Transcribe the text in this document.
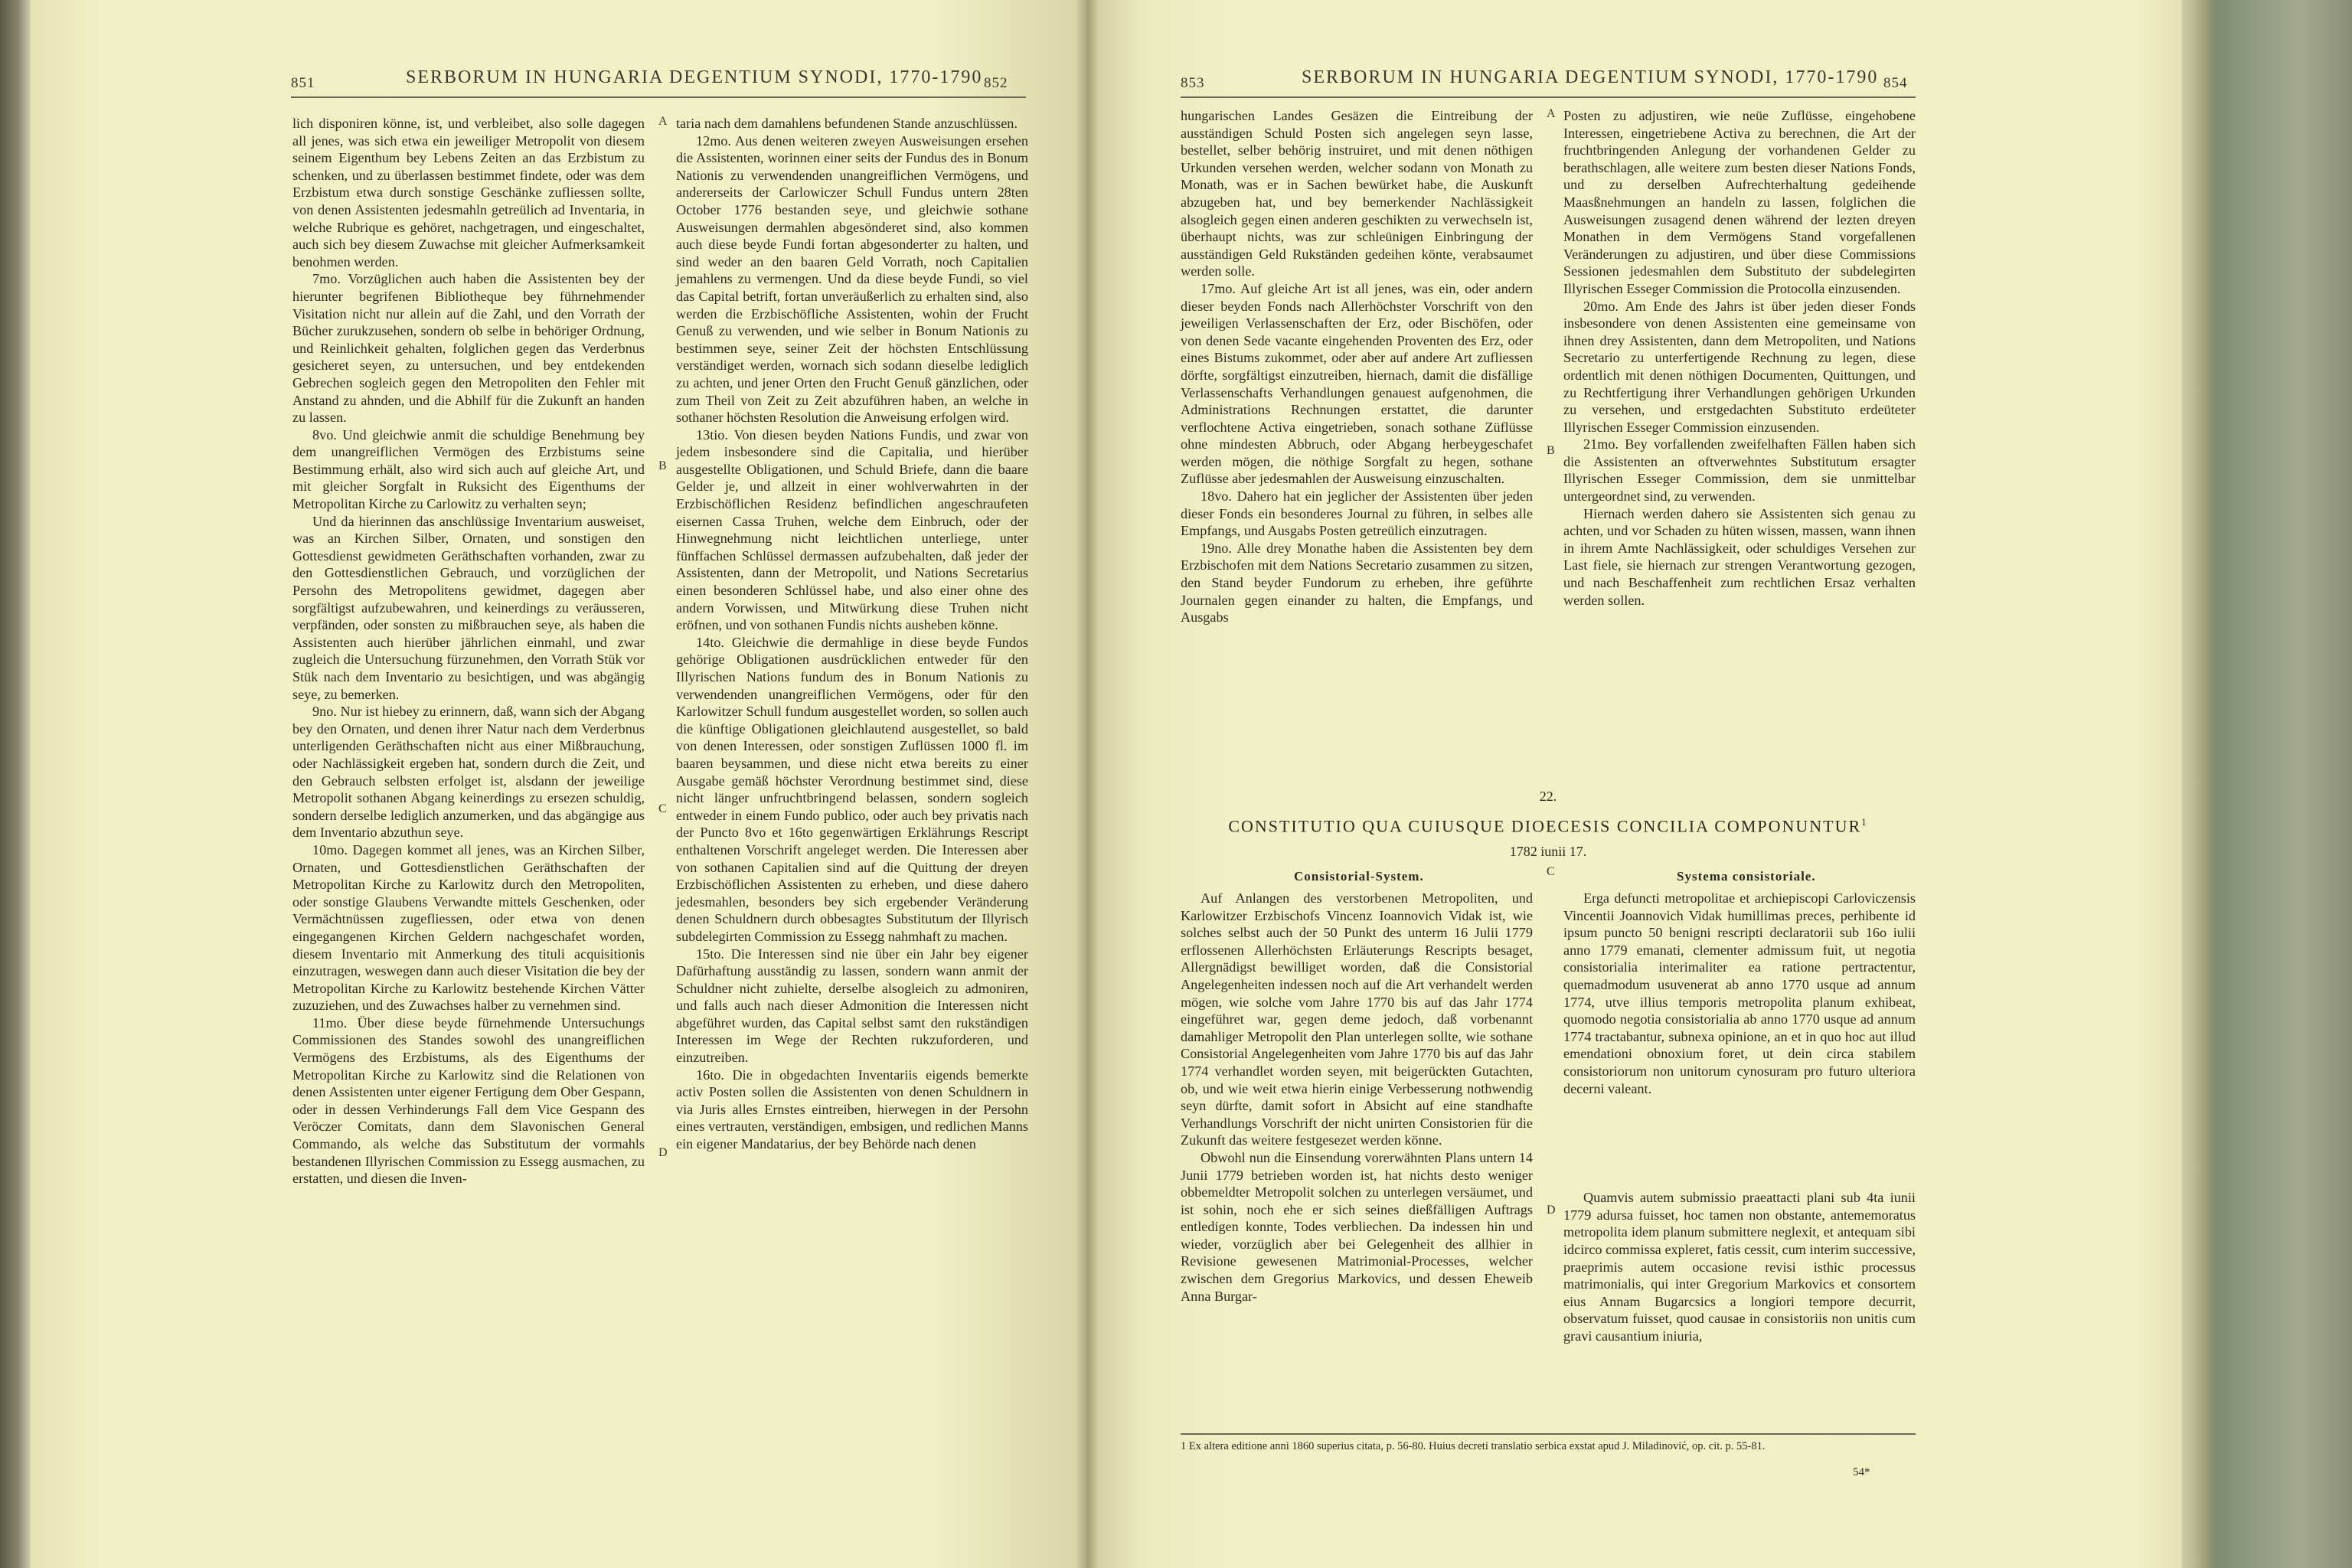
851	SERBORUM IN HUNGARIA DEGENTIUM SYNODI, 1770-1790 852

lich disponiren könne, ist, und verbleibet, also solle dagegen all jenes, was sich etwa ein jeweiliger Metropolit von diesem seinem Eigenthum bey Lebens Zeiten an das Erzbistum zu schenken, und zu überlassen bestimmet findete, oder was dem Erzbistum etwa durch sonstige Geschänke zufliessen sollte, von denen Assistenten jedesmahln getreülich ad Inventaria, in welche Rubrique es gehöret, nachgetragen, und eingeschaltet, auch sich bey diesem Zuwachse mit gleicher Aufmerksamkeit benohmen werden.

7mo. Vorzüglichen auch haben die Assistenten bey der hierunter begrifenen Bibliotheque bey führnehmender Visitation nicht nur allein auf die Zahl, und den Vorrath der Bücher zurukzusehen, sondern ob selbe in behöriger Ordnung, und Reinlichkeit gehalten, folglichen gegen das Verderbnus gesicheret seyen, zu untersuchen, und bey entdekenden Gebrechen sogleich gegen den Metropoliten den Fehler mit Anstand zu ahnden, und die Abhilf für die Zukunft an handen zu lassen.

8vo. Und gleichwie anmit die schuldige Benehmung bey dem unangreiflichen Vermögen des Erzbistums seine Bestimmung erhält, also wird sich auch auf gleiche Art, und mit gleicher Sorgfalt in Ruksicht des Eigenthums der Metropolitan Kirche zu Carlowitz zu verhalten seyn;

Und da hierinnen das anschlüssige Inventarium ausweiset, was an Kirchen Silber, Ornaten, und sonstigen den Gottesdienst gewidmeten Geräthschaften vorhanden, zwar zu den Gottesdienstlichen Gebrauch, und vorzüglichen der Persohn des Metropolitens gewidmet, dagegen aber sorgfältigst aufzubewahren, und keinerdings zu veräusseren, verpfänden, oder sonsten zu mißbrauchen seye, als haben die Assistenten auch hierüber jährlichen einmahl, und zwar zugleich die Untersuchung fürzunehmen, den Vorrath Stük vor Stük nach dem Inventario zu besichtigen, und was abgängig seye, zu bemerken.

9no. Nur ist hiebey zu erinnern, daß, wann sich der Abgang bey den Ornaten, und denen ihrer Natur nach dem Verderbnus unterligenden Geräthschaften nicht aus einer Mißbrauchung, oder Nachlässigkeit ergeben hat, sondern durch die Zeit, und den Gebrauch selbsten erfolget ist, alsdann der jeweilige Metropolit sothanen Abgang keinerdings zu ersezen schuldig, sondern derselbe lediglich anzumerken, und das abgängige aus dem Inventario abzuthun seye.

10mo. Dagegen kommet all jenes, was an Kirchen Silber, Ornaten, und Gottesdienstlichen Geräthschaften der Metropolitan Kirche zu Karlowitz durch den Metropoliten, oder sonstige Glaubens Verwandte mittels Geschenken, oder Vermächtnüssen zugefliessen, oder etwa von denen eingegangenen Kirchen Geldern nachgeschafet worden, diesem Inventario mit Anmerkung des tituli acquisitionis einzutragen, weswegen dann auch dieser Visitation die bey der Metropolitan Kirche zu Karlowitz bestehende Kirchen Vätter zuzuziehen, und des Zuwachses halber zu vernehmen sind.

11mo. Über diese beyde fürnehmende Untersuchungs Commissionen des Standes sowohl des unangreiflichen Vermögens des Erzbistums, als des Eigenthums der Metropolitan Kirche zu Karlowitz sind die Relationen von denen Assistenten unter eigener Fertigung dem Ober Gespann, oder in dessen Verhinderungs Fall dem Vice Gespann des Veröczer Comitats, dann dem Slavonischen General Commando, als welche das Substitutum der vormahls bestandenen Illyrischen Commission zu Essegg ausmachen, zu erstatten, und diesen die Inven-

taria nach dem damahlens befundenen Stande anzuschlüssen.

12mo. Aus denen weiteren zweyen Ausweisungen ersehen die Assistenten, worinnen einer seits der Fundus des in Bonum Nationis zu verwendenden unangreiflichen Vermögens, und andererseits der Carlowiczer Schull Fundus untern 28ten October 1776 bestanden seye, und gleichwie sothane Ausweisungen dermahlen abgesönderet sind, also kommen auch diese beyde Fundi fortan abgesonderter zu halten, und sind weder an den baaren Geld Vorrath, noch Capitalien jemahlens zu vermengen. Und da diese beyde Fundi, so viel das Capital betrift, fortan unveräußerlich zu erhalten sind, also werden die Erzbischöfliche Assistenten, wohin der Frucht Genuß zu verwenden, und wie selber in Bonum Nationis zu bestimmen seye, seiner Zeit der höchsten Entschlüssung verständiget werden, wornach sich sodann dieselbe lediglich zu achten, und jener Orten den Frucht Genuß gänzlichen, oder zum Theil von Zeit zu Zeit abzuführen haben, an welche in sothaner höchsten Resolution die Anweisung erfolgen wird.

13tio. Von diesen beyden Nations Fundis, und zwar von jedem insbesondere sind die Capitalia, und hierüber ausgestellte Obligationen, und Schuld Briefe, dann die baare Gelder je, und allzeit in einer wohlverwahrten in der Erzbischöflichen Residenz befindlichen angeschraufeten eisernen Cassa Truhen, welche dem Einbruch, oder der Hinwegnehmung nicht leichtlichen unterliege, unter fünffachen Schlüssel dermassen aufzubehalten, daß jeder der Assistenten, dann der Metropolit, und Nations Secretarius einen besonderen Schlüssel habe, und also einer ohne des andern Vorwissen, und Mitwürkung diese Truhen nicht eröfnen, und von sothanen Fundis nichts ausheben könne.

14to. Gleichwie die dermahlige in diese beyde Fundos gehörige Obligationen ausdrücklichen entweder für den Illyrischen Nations fundum des in Bonum Nationis zu verwendenden unangreiflichen Vermögens, oder für den Karlowitzer Schull fundum ausgestellet worden, so sollen auch die künftige Obligationen gleichlautend ausgestellet, so bald von denen Interessen, oder sonstigen Zuflüssen 1000 fl. im baaren beysammen, und diese nicht etwa bereits zu einer Ausgabe gemäß höchster Verordnung bestimmet sind, diese nicht länger unfruchtbringend belassen, sondern sogleich entweder in einem Fundo publico, oder auch bey privatis nach der Puncto 8vo et 16to gegenwärtigen Erklährungs Rescript enthaltenen Vorschrift angeleget werden. Die Interessen aber von sothanen Capitalien sind auf die Quittung der dreyen Erzbischöflichen Assistenten zu erheben, und diese dahero jedesmahlen, besonders bey sich ergebender Veränderung denen Schuldnern durch obbesagtes Substitutum der Illyrisch subdelegirten Commission zu Essegg nahmhaft zu machen.

15to. Die Interessen sind nie über ein Jahr bey eigener Dafürhaftung ausständig zu lassen, sondern wann anmit der Schuldner nicht zuhielte, derselbe alsogleich zu admoniren, und falls auch nach dieser Admonition die Interessen nicht abgeführet wurden, das Capital selbst samt den rukständigen Interessen im Wege der Rechten rukzuforderen, und einzutreiben.

16to. Die in obgedachten Inventariis eigends bemerkte activ Posten sollen die Assistenten von denen Schuldnern in via Juris alles Ernstes eintreiben, hierwegen in der Persohn eines vertrauten, verständigen, embsigen, und redlichen Manns ein eigener Mandatarius, der bey Behörde nach denen

A
B
C
D
853	SERBORUM IN HUNGARIA DEGENTIUM SYNODI, 1770-1790 854

hungarischen Landes Gesäzen die Eintreibung der ausständigen Schuld Posten sich angelegen seyn lasse, bestellet, selber behörig instruiret, und mit denen nöthigen Urkunden versehen werden, welcher sodann von Monath zu Monath, was er in Sachen bewürket habe, die Auskunft abzugeben hat, und bey bemerkender Nachlässigkeit alsogleich gegen einen anderen geschikten zu verwechseln ist, überhaupt nichts, was zur schleünigen Einbringung der ausständigen Geld Rukständen gedeihen könte, verabsaumet werden solle.

17mo. Auf gleiche Art ist all jenes, was ein, oder andern dieser beyden Fonds nach Allerhöchster Vorschrift von den jeweiligen Verlassenschaften der Erz, oder Bischöfen, oder von denen Sede vacante eingehenden Proventen des Erz, oder eines Bistums zukommet, oder aber auf andere Art zufliessen dörfte, sorgfältigst einzutreiben, hiernach, damit die disfällige Verlassenschafts Verhandlungen genauest aufgenohmen, die Administrations Rechnungen erstattet, die darunter verflochtene Activa eingetrieben, sonach sothane Züflüsse ohne mindesten Abbruch, oder Abgang herbeygeschafet werden mögen, die nöthige Sorgfalt zu hegen, sothane Zuflüsse aber jedesmahlen der Ausweisung einzuschalten.

18vo. Dahero hat ein jeglicher der Assistenten über jeden dieser Fonds ein besonderes Journal zu führen, in selbes alle Empfangs, und Ausgabs Posten getreülich einzutragen.

19no. Alle drey Monathe haben die Assistenten bey dem Erzbischofen mit dem Nations Secretario zusammen zu sitzen, den Stand beyder Fundorum zu erheben, ihre geführte Journalen gegen einander zu halten, die Empfangs, und Ausgabs

Posten zu adjustiren, wie neüe Zuflüsse, eingehobene Interessen, eingetriebene Activa zu berechnen, die Art der fruchtbringenden Anlegung der vorhandenen Gelder zu berathschlagen, alle weitere zum besten dieser Nations Fonds, und zu derselben Aufrechterhaltung gedeihende Maasßnehmungen an handeln zu lassen, folglichen die Ausweisungen zusagend denen während der lezten dreyen Monathen in dem Vermögens Stand vorgefallenen Veränderungen zu adjustiren, und über diese Commissions Sessionen jedesmahlen dem Substituto der subdelegirten Illyrischen Esseger Commission die Protocolla einzusenden.

20mo. Am Ende des Jahrs ist über jeden dieser Fonds insbesondere von denen Assistenten eine gemeinsame von ihnen drey Assistenten, dann dem Metropoliten, und Nations Secretario zu unterfertigende Rechnung zu legen, diese ordentlich mit denen nöthigen Documenten, Quittungen, und zu Rechtfertigung ihrer Verhandlungen gehörigen Urkunden zu versehen, und erstgedachten Substituto erdeüteter Illyrischen Esseger Commission einzusenden.

21mo. Bey vorfallenden zweifelhaften Fällen haben sich die Assistenten an oftverwehntes Substitutum ersagter Illyrischen Esseger Commission, dem sie unmittelbar untergeordnet sind, zu verwenden.

Hiernach werden dahero sie Assistenten sich genau zu achten, und vor Schaden zu hüten wissen, massen, wann ihnen in ihrem Amte Nachlässigkeit, oder schuldiges Versehen zur Last fiele, sie hiernach zur strengen Verantwortung gezogen, und nach Beschaffenheit zum rechtlichen Ersaz verhalten werden sollen.

A
B
C
D
22.
CONSTITUTIO QUA CUIUSQUE DIOECESIS CONCILIA COMPONUNTUR$^1$
1782 iunii 17.
Consistorial-System.	Systema consistoriale.

Auf Anlangen des verstorbenen Metropoliten, und Karlowitzer Erzbischofs Vincenz Ioannovich Vidak ist, wie solches selbst auch der 50 Punkt des unterm 16 Julii 1779 erflossenen Allerhöchsten Erläuterungs Rescripts besaget, Allergnädigst bewilliget worden, daß die Consistorial Angelegenheiten indessen noch auf die Art verhandelt werden mögen, wie solche vom Jahre 1770 bis auf das Jahr 1774 eingeführet war, gegen deme jedoch, daß vorbenannt damahliger Metropolit den Plan unterlegen sollte, wie sothane Consistorial Angelegenheiten vom Jahre 1770 bis auf das Jahr 1774 verhandlet worden seyen, mit beigerückten Gutachten, ob, und wie weit etwa hierin einige Verbesserung nothwendig seyn dürfte, damit sofort in Absicht auf eine standhafte Verhandlungs Vorschrift der nicht unirten Consistorien für die Zukunft das weitere festgesezet werden könne.

Obwohl nun die Einsendung vorerwähnten Plans untern 14 Junii 1779 betrieben worden ist, hat nichts desto weniger obbemeldter Metropolit solchen zu unterlegen versäumet, und ist sohin, noch ehe er sich seines dießfälligen Auftrags entledigen konnte, Todes verbliechen. Da indessen hin und wieder, vorzüglich aber bei Gelegenheit des allhier in Revisione gewesenen Matrimonial-Processes, welcher zwischen dem Gregorius Markovics, und dessen Eheweib Anna Burgar-

Erga defuncti metropolitae et archiepiscopi Carloviczensis Vincentii Joannovich Vidak humillimas preces, perhibente id ipsum puncto 50 benigni rescripti declaratorii sub 16o iulii anno 1779 emanati, clementer admissum fuit, ut negotia consistorialia interimaliter ea ratione pertractentur, quemadmodum usuvenerat ab anno 1770 usque ad annum 1774, utve illius temporis metropolita planum exhibeat, quomodo negotia consistorialia ab anno 1770 usque ad annum 1774 tractabantur, subnexa opinione, an et in quo hoc aut illud emendationi obnoxium foret, ut dein circa stabilem consistoriorum non unitorum cynosuram pro futuro ulteriora decerni valeant.

Quamvis autem submissio praeattacti plani sub 4ta iunii 1779 adursa fuisset, hoc tamen non obstante, antememoratus metropolita idem planum submittere neglexit, et antequam sibi idcirco commissa expleret, fatis cessit, cum interim successive, praeprimis autem occasione revisi isthic processus matrimonialis, qui inter Gregorium Markovics et consortem eius Annam Bugarcsics a longiori tempore decurrit, observatum fuisset, quod causae in consistoriis non unitis cum gravi causantium iniuria,

1 Ex altera editione anni 1860 superius citata, p. 56-80. Huius decreti translatio serbica exstat apud J. Miladinović, op. cit. p. 55-81.
54*
